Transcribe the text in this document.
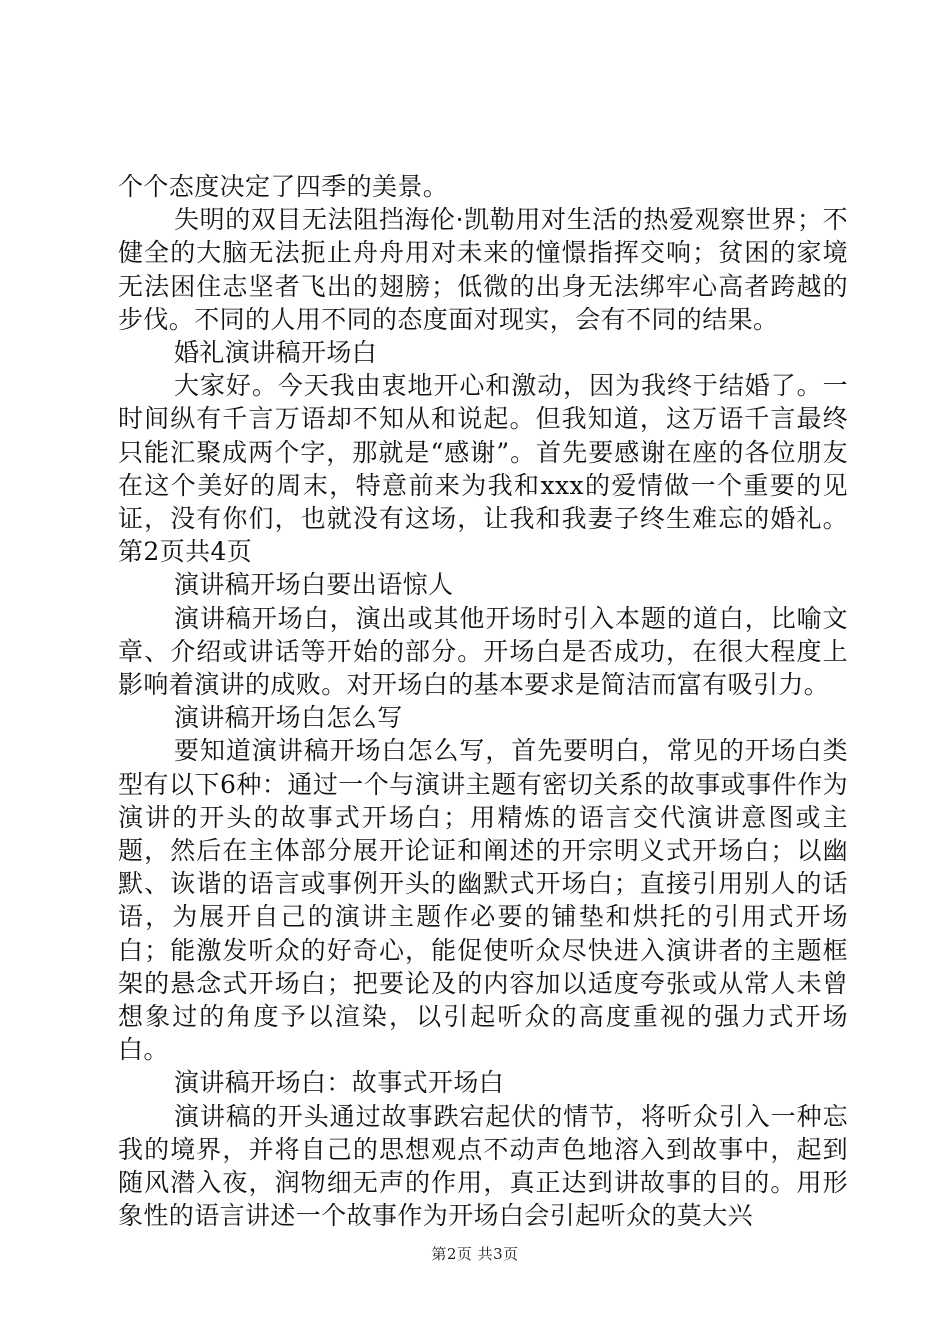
个个态度决定了四季的美景。

失明的双目无法阻挡海伦·凯勒用对生活的热爱观察世界；不健全的大脑无法扼止舟舟用对未来的憧憬指挥交响；贫困的家境无法困住志坚者飞出的翅膀；低微的出身无法绑牢心高者跨越的步伐。不同的人用不同的态度面对现实，会有不同的结果。

婚礼演讲稿开场白

大家好。今天我由衷地开心和激动，因为我终于结婚了。一时间纵有千言万语却不知从和说起。但我知道，这万语千言最终只能汇聚成两个字，那就是“感谢”。首先要感谢在座的各位朋友在这个美好的周末，特意前来为我和xxx的爱情做一个重要的见证，没有你们，也就没有这场，让我和我妻子终生难忘的婚礼。第2页共4页

演讲稿开场白要出语惊人

演讲稿开场白，演出或其他开场时引入本题的道白，比喻文章、介绍或讲话等开始的部分。开场白是否成功，在很大程度上影响着演讲的成败。对开场白的基本要求是简洁而富有吸引力。

演讲稿开场白怎么写

要知道演讲稿开场白怎么写，首先要明白，常见的开场白类型有以下6种：通过一个与演讲主题有密切关系的故事或事件作为演讲的开头的故事式开场白；用精炼的语言交代演讲意图或主题，然后在主体部分展开论证和阐述的开宗明义式开场白；以幽默、诙谐的语言或事例开头的幽默式开场白；直接引用别人的话语，为展开自己的演讲主题作必要的铺垫和烘托的引用式开场白；能激发听众的好奇心，能促使听众尽快进入演讲者的主题框架的悬念式开场白；把要论及的内容加以适度夸张或从常人未曾想象过的角度予以渲染，以引起听众的高度重视的强力式开场白。

演讲稿开场白：故事式开场白

演讲稿的开头通过故事跌宕起伏的情节，将听众引入一种忘我的境界，并将自己的思想观点不动声色地溶入到故事中，起到随风潜入夜，润物细无声的作用，真正达到讲故事的目的。用形象性的语言讲述一个故事作为开场白会引起听众的莫大兴

第2页 共3页
